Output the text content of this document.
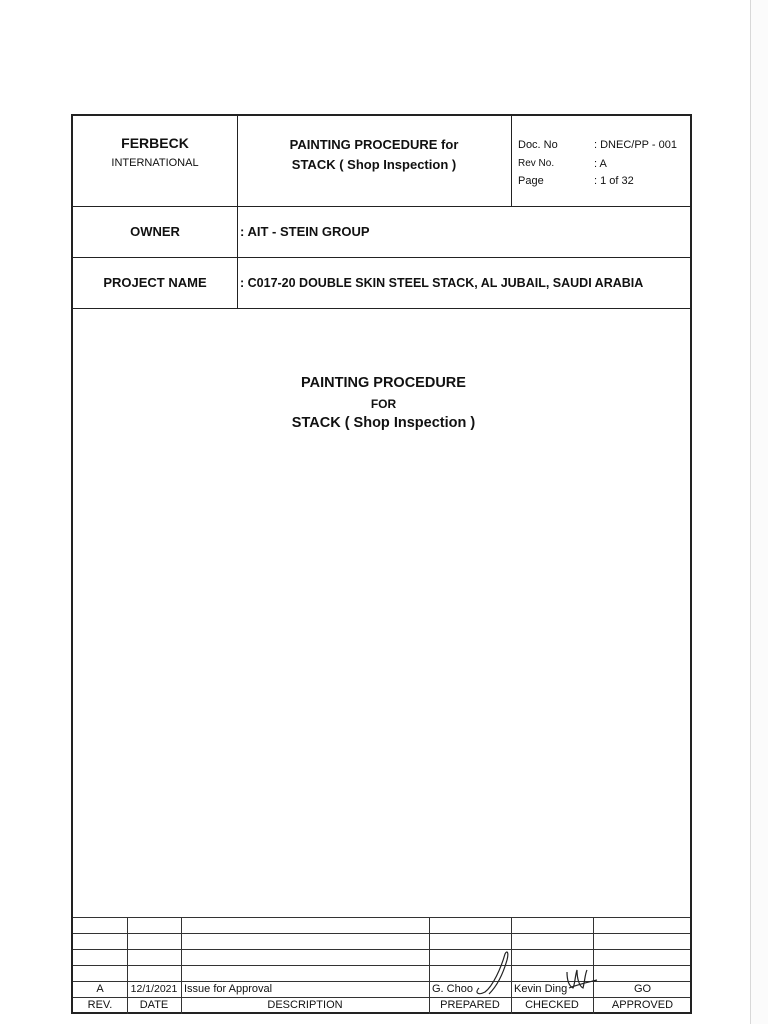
FERBECK
INTERNATIONAL
PAINTING PROCEDURE for
STACK ( Shop Inspection )
Doc. No	: DNEC/PP - 001
Rev No.	: A
Page	: 1 of 32
OWNER	: AIT - STEIN GROUP
PROJECT NAME	: C017-20 DOUBLE SKIN STEEL STACK, AL JUBAIL, SAUDI ARABIA
PAINTING PROCEDURE
FOR
STACK ( Shop Inspection )
A	12/1/2021 Issue for Approval	G. Choo	Kevin Ding	GO
REV.	DATE	DESCRIPTION	PREPARED	CHECKED	APPROVED
